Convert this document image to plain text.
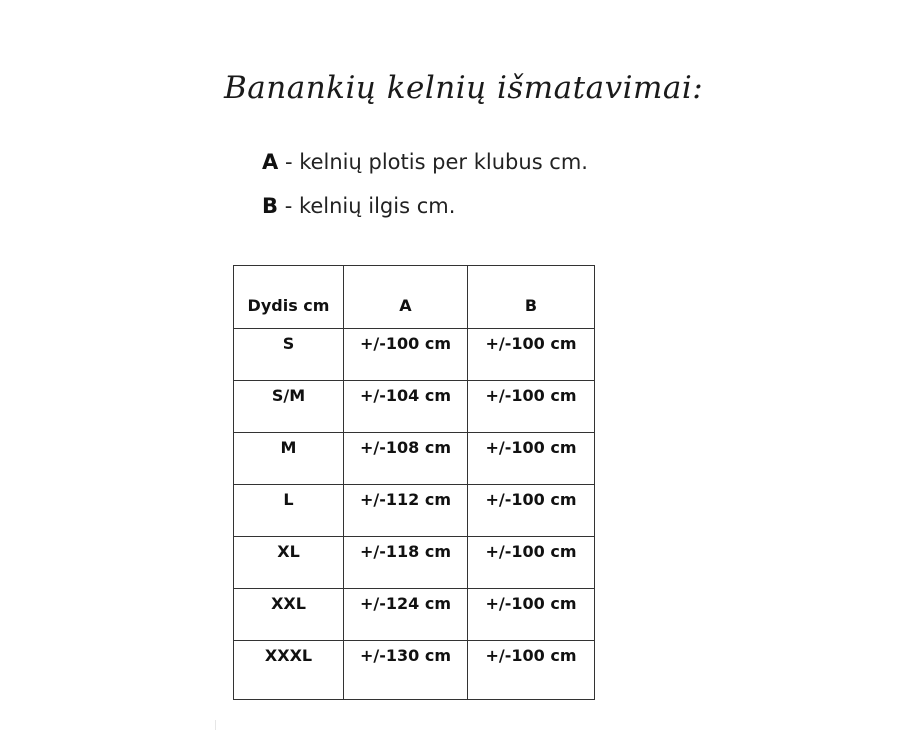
Banankių kelnių išmatavimai:
A - kelnių plotis per klubus cm.
B - kelnių ilgis cm.
Dydis cm	A	B
S	+/-100 cm	+/-100 cm
S/M	+/-104 cm	+/-100 cm
M	+/-108 cm	+/-100 cm
L	+/-112 cm	+/-100 cm
XL	+/-118 cm	+/-100 cm
XXL	+/-124 cm	+/-100 cm
XXXL	+/-130 cm	+/-100 cm
